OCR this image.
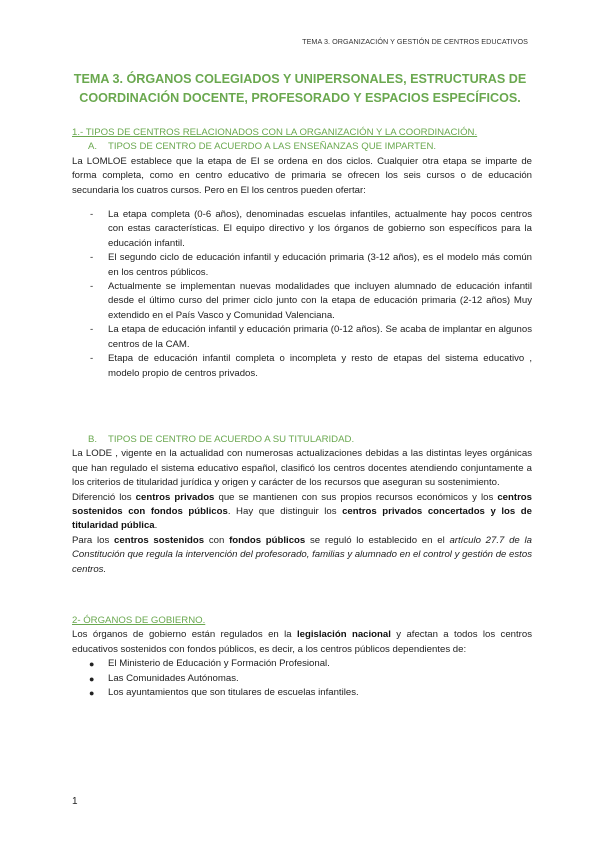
TEMA 3. ORGANIZACIÓN Y GESTIÓN DE CENTROS EDUCATIVOS
TEMA 3. ÓRGANOS COLEGIADOS Y UNIPERSONALES, ESTRUCTURAS DE
COORDINACIÓN DOCENTE, PROFESORADO Y ESPACIOS ESPECÍFICOS.
1.- TIPOS DE CENTROS RELACIONADOS CON LA ORGANIZACIÓN Y LA COORDINACIÓN.
A. TIPOS DE CENTRO DE ACUERDO A LAS ENSEÑANZAS QUE IMPARTEN.
La LOMLOE establece que la etapa de EI se ordena en dos ciclos. Cualquier otra etapa se imparte de forma completa, como en centro educativo de primaria se ofrecen los seis cursos o de educación secundaria los cuatros cursos. Pero en El los centros pueden ofertar:
- La etapa completa (0-6 años), denominadas escuelas infantiles, actualmente hay pocos centros con estas características. El equipo directivo y los órganos de gobierno son específicos para la educación infantil.
- El segundo ciclo de educación infantil y educación primaria (3-12 años), es el modelo más común en los centros públicos.
- Actualmente se implementan nuevas modalidades que incluyen alumnado de educación infantil desde el último curso del primer ciclo junto con la etapa de educación primaria (2-12 años) Muy extendido en el País Vasco y Comunidad Valenciana.
- La etapa de educación infantil y educación primaria (0-12 años). Se acaba de implantar en algunos centros de la CAM.
- Etapa de educación infantil completa o incompleta y resto de etapas del sistema educativo , modelo propio de centros privados.
B. TIPOS DE CENTRO DE ACUERDO A SU TITULARIDAD.
La LODE , vigente en la actualidad con numerosas actualizaciones debidas a las distintas leyes orgánicas que han regulado el sistema educativo español, clasificó los centros docentes atendiendo conjuntamente a los criterios de titularidad jurídica y origen y carácter de los recursos que aseguran su sostenimiento.
Diferenció los centros privados que se mantienen con sus propios recursos económicos y los centros sostenidos con fondos públicos. Hay que distinguir los centros privados concertados y los de titularidad pública.
Para los centros sostenidos con fondos públicos se reguló lo establecido en el artículo 27.7 de la Constitución que regula la intervención del profesorado, familias y alumnado en el control y gestión de estos centros.
2- ÓRGANOS DE GOBIERNO.
Los órganos de gobierno están regulados en la legislación nacional y afectan a todos los centros educativos sostenidos con fondos públicos, es decir, a los centros públicos dependientes de:
● El Ministerio de Educación y Formación Profesional.
● Las Comunidades Autónomas.
● Los ayuntamientos que son titulares de escuelas infantiles.
1
